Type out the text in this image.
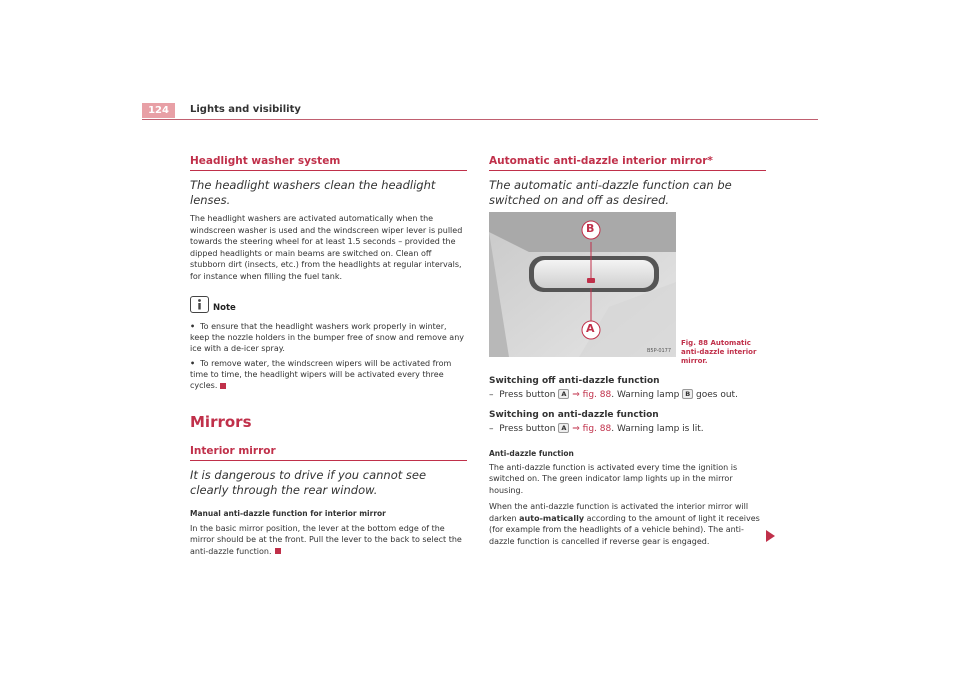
124	Lights and visibility

Headlight washer system

The headlight washers clean the headlight lenses.

The headlight washers are activated automatically when the windscreen washer is used and the windscreen wiper lever is pulled towards the steering wheel for at least 1.5 seconds – provided the dipped headlights or main beams are switched on. Clean off stubborn dirt (insects, etc.) from the headlights at regular intervals, for instance when filling the fuel tank.

Note

• To ensure that the headlight washers work properly in winter, keep the nozzle holders in the bumper free of snow and remove any ice with a de-icer spray.

• To remove water, the windscreen wipers will be activated from time to time, the headlight wipers will be activated every three cycles.

Mirrors

Interior mirror

It is dangerous to drive if you cannot see clearly through the rear window.

Manual anti-dazzle function for interior mirror

In the basic mirror position, the lever at the bottom edge of the mirror should be at the front. Pull the lever to the back to select the anti-dazzle function.

Automatic anti-dazzle interior mirror*

The automatic anti-dazzle function can be switched on and off as desired.

B
A
B5P-0177
Fig. 88 Automatic anti-dazzle interior mirror.

Switching off anti-dazzle function

– Press button A ⇒ fig. 88. Warning lamp B goes out.

Switching on anti-dazzle function

– Press button A ⇒ fig. 88. Warning lamp is lit.

Anti-dazzle function

The anti-dazzle function is activated every time the ignition is switched on. The green indicator lamp lights up in the mirror housing.

When the anti-dazzle function is activated the interior mirror will darken auto-matically according to the amount of light it receives (for example from the headlights of a vehicle behind). The anti-dazzle function is cancelled if reverse gear is engaged.
